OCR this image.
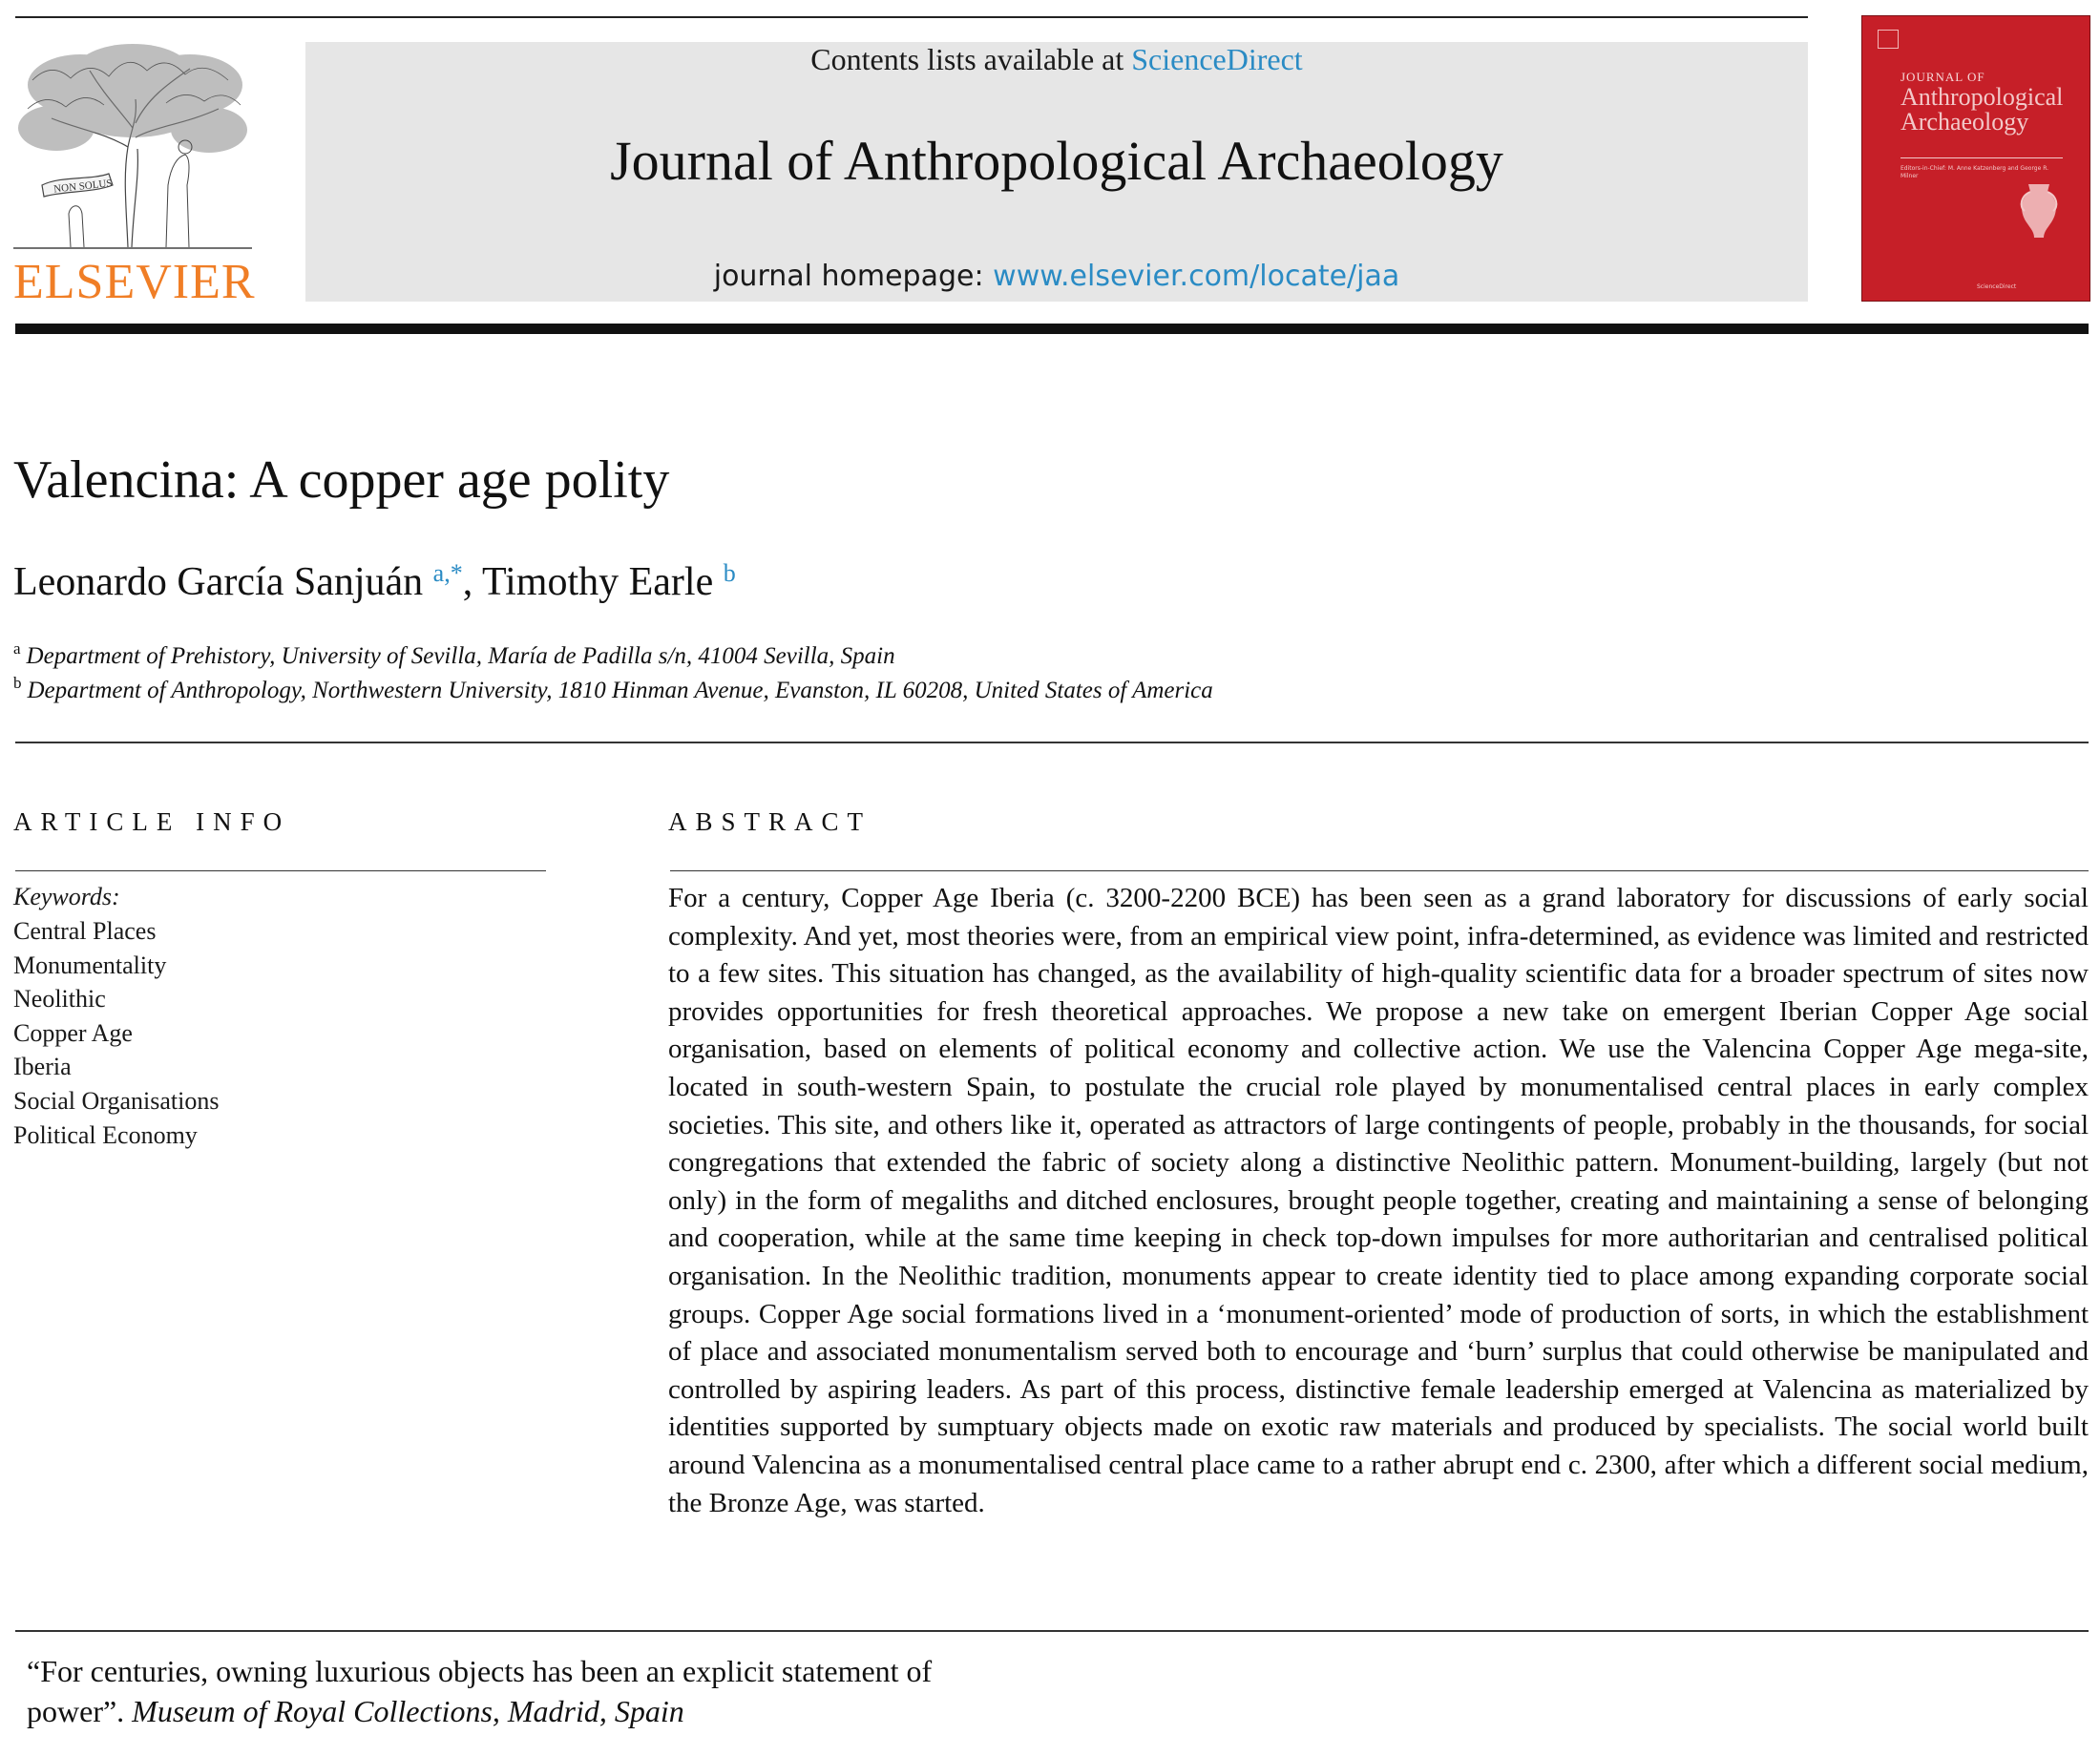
NON SOLUS
ELSEVIER
Contents lists available at ScienceDirect
Journal of Anthropological Archaeology
journal homepage: www.elsevier.com/locate/jaa
JOURNAL OF
Anthropological
Archaeology
Editors-in-Chief: M. Anne Katzenberg and George R. Milner
ScienceDirect
Valencina: A copper age polity
Leonardo García Sanjuán $^{a,*}$, Timothy Earle $^b$
$^a$ Department of Prehistory, University of Sevilla, María de Padilla s/n, 41004 Sevilla, Spain
$^b$ Department of Anthropology, Northwestern University, 1810 Hinman Avenue, Evanston, IL 60208, United States of America
ARTICLE INFO	ABSTRACT
Keywords:
Central Places
Monumentality
Neolithic
Copper Age
Iberia
Social Organisations
Political Economy

For a century, Copper Age Iberia (c. 3200-2200 BCE) has been seen as a grand laboratory for discussions of early social complexity. And yet, most theories were, from an empirical view point, infra-determined, as evidence was limited and restricted to a few sites. This situation has changed, as the availability of high-quality scientific data for a broader spectrum of sites now provides opportunities for fresh theoretical approaches. We propose a new take on emergent Iberian Copper Age social organisation, based on elements of political economy and collective action. We use the Valencina Copper Age mega-site, located in south-western Spain, to postulate the crucial role played by monumentalised central places in early complex societies. This site, and others like it, operated as attractors of large contingents of people, probably in the thousands, for social congregations that extended the fabric of society along a distinctive Neolithic pattern. Monument-building, largely (but not only) in the form of megaliths and ditched enclosures, brought people together, creating and maintaining a sense of belonging and cooperation, while at the same time keeping in check top-down impulses for more authoritarian and centralised political organisation. In the Neolithic tradition, monuments appear to create identity tied to place among expanding corporate social groups. Copper Age social formations lived in a ‘monument-oriented’ mode of production of sorts, in which the establishment of place and associated monumentalism served both to encourage and ‘burn’ surplus that could otherwise be manipulated and controlled by aspiring leaders. As part of this process, distinctive female leadership emerged at Valencina as materialized by identities supported by sumptuary objects made on exotic raw materials and produced by specialists. The social world built around Valencina as a monumentalised central place came to a rather abrupt end c. 2300, after which a different social medium, the Bronze Age, was started.

“For centuries, owning luxurious objects has been an explicit statement of power”. Museum of Royal Collections, Madrid, Spain
